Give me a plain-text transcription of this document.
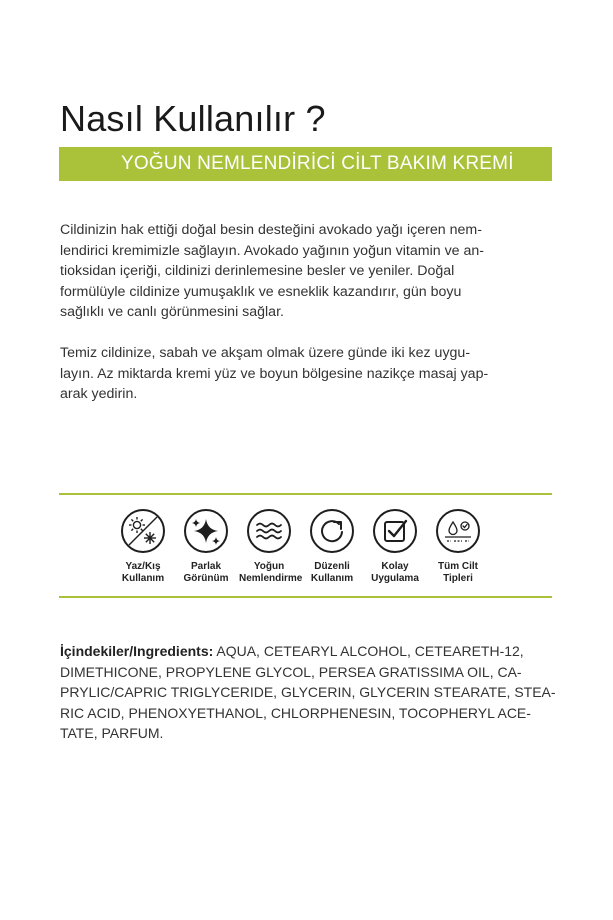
Nasıl Kullanılır ?
YOĞUN NEMLENDİRİCİ CİLT BAKIM KREMİ
Cildinizin hak ettiği doğal besin desteğini avokado yağı içeren nem-
lendirici kremimizle sağlayın. Avokado yağının yoğun vitamin ve an-
tioksidan içeriği, cildinizi derinlemesine besler ve yeniler. Doğal
formülüyle cildinize yumuşaklık ve esneklik kazandırır, gün boyu
sağlıklı ve canlı görünmesini sağlar.
Temiz cildinize, sabah ve akşam olmak üzere günde iki kez uygu-
layın. Az miktarda kremi yüz ve boyun bölgesine nazikçe masaj yap-
arak yedirin.
Yaz/Kış
Kullanım
Parlak
Görünüm
Yoğun
Nemlendirme
Düzenli
Kullanım
Kolay
Uygulama
Tüm Cilt
Tipleri
İçindekiler/Ingredients: AQUA, CETEARYL ALCOHOL, CETEARETH-12,
DIMETHICONE, PROPYLENE GLYCOL, PERSEA GRATISSIMA OIL, CA-
PRYLIC/CAPRIC TRIGLYCERIDE, GLYCERIN, GLYCERIN STEARATE, STEA-
RIC ACID, PHENOXYETHANOL, CHLORPHENESIN, TOCOPHERYL ACE-
TATE, PARFUM.
